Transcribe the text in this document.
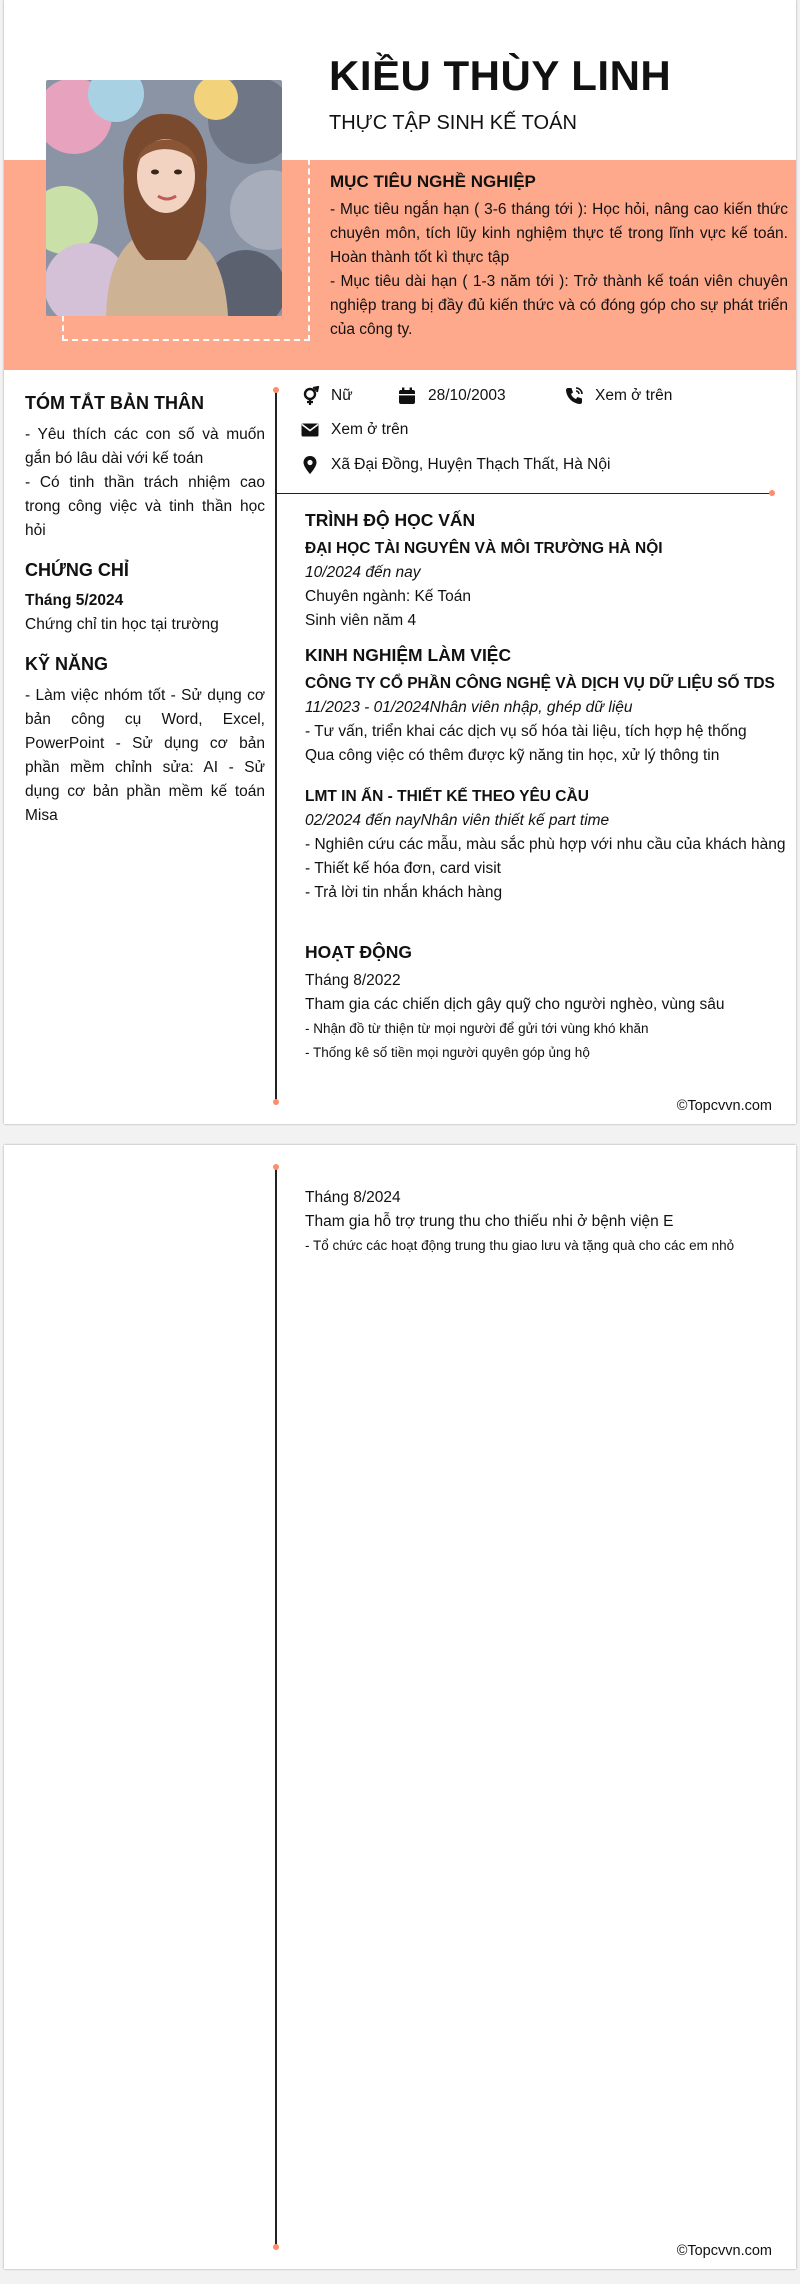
KIỀU THÙY LINH
THỰC TẬP SINH KẾ TOÁN
MỤC TIÊU NGHỀ NGHIỆP

- Mục tiêu ngắn hạn ( 3-6 tháng tới ): Học hỏi, nâng cao kiến thức chuyên môn, tích lũy kinh nghiệm thực tế trong lĩnh vực kế toán. Hoàn thành tốt kì thực tập

- Mục tiêu dài hạn ( 1-3 năm tới ): Trở thành kế toán viên chuyên nghiệp trang bị đầy đủ kiến thức và có đóng góp cho sự phát triển của công ty.

Nữ	28/10/2003	Xem ở trên
Xem ở trên
Xã Đại Đồng, Huyện Thạch Thất, Hà Nội
TÓM TẮT BẢN THÂN

- Yêu thích các con số và muốn gắn bó lâu dài với kế toán

- Có tinh thần trách nhiệm cao trong công việc và tinh thần học hỏi

CHỨNG CHỈ

Tháng 5/2024

Chứng chỉ tin học tại trường

KỸ NĂNG

- Làm việc nhóm tốt - Sử dụng cơ bản công cụ Word, Excel, PowerPoint - Sử dụng cơ bản phần mềm chỉnh sửa: AI - Sử dụng cơ bản phần mềm kế toán Misa

TRÌNH ĐỘ HỌC VẤN

ĐẠI HỌC TÀI NGUYÊN VÀ MÔI TRƯỜNG HÀ NỘI

10/2024 đến nay

Chuyên ngành: Kế Toán

Sinh viên năm 4

KINH NGHIỆM LÀM VIỆC

CÔNG TY CỔ PHẦN CÔNG NGHỆ VÀ DỊCH VỤ DỮ LIỆU SỐ TDS

11/2023 - 01/2024Nhân viên nhập, ghép dữ liệu

- Tư vấn, triển khai các dịch vụ số hóa tài liệu, tích hợp hệ thống

Qua công việc có thêm được kỹ năng tin học, xử lý thông tin

LMT IN ẤN - THIẾT KẾ THEO YÊU CẦU

02/2024 đến nayNhân viên thiết kế part time

- Nghiên cứu các mẫu, màu sắc phù hợp với nhu cầu của khách hàng

- Thiết kế hóa đơn, card visit

- Trả lời tin nhắn khách hàng

HOẠT ĐỘNG

Tháng 8/2022

Tham gia các chiến dịch gây quỹ cho người nghèo, vùng sâu

- Nhận đồ từ thiện từ mọi người để gửi tới vùng khó khăn

- Thống kê số tiền mọi người quyên góp ủng hộ

©Topcvvn.com

Tháng 8/2024

Tham gia hỗ trợ trung thu cho thiếu nhi ở bệnh viện E

- Tổ chức các hoạt động trung thu giao lưu và tặng quà cho các em nhỏ

©Topcvvn.com
